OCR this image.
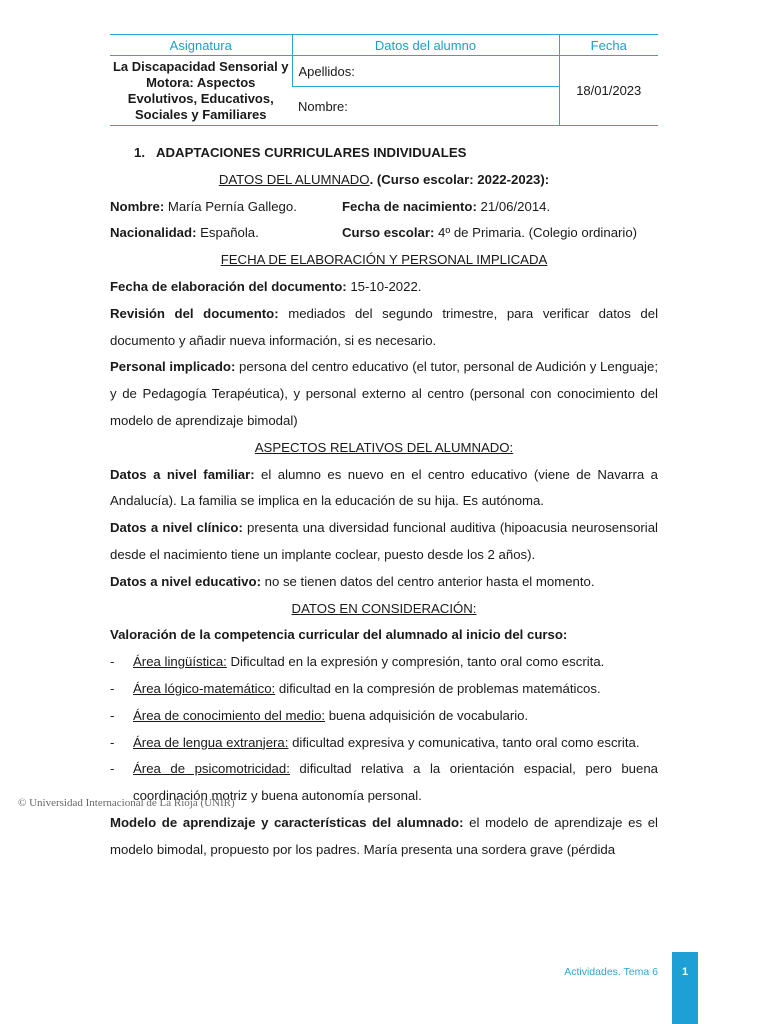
Asignatura	Datos del alumno	Fecha
La Discapacidad Sensorial y Motora: Aspectos Evolutivos, Educativos, Sociales y Familiares	Apellidos:	18/01/2023
	Nombre:	

1. ADAPTACIONES CURRICULARES INDIVIDUALES

DATOS DEL ALUMNADO. (Curso escolar: 2022-2023):

Nombre: María Pernía Gallego.	Fecha de nacimiento: 21/06/2014.

Nacionalidad: Española.	Curso escolar: 4º de Primaria. (Colegio ordinario)

FECHA DE ELABORACIÓN Y PERSONAL IMPLICADA

Fecha de elaboración del documento: 15-10-2022.

Revisión del documento: mediados del segundo trimestre, para verificar datos del documento y añadir nueva información, si es necesario.

Personal implicado: persona del centro educativo (el tutor, personal de Audición y Lenguaje; y de Pedagogía Terapéutica), y personal externo al centro (personal con conocimiento del modelo de aprendizaje bimodal)

ASPECTOS RELATIVOS DEL ALUMNADO:

Datos a nivel familiar: el alumno es nuevo en el centro educativo (viene de Navarra a Andalucía). La familia se implica en la educación de su hija. Es autónoma.

Datos a nivel clínico: presenta una diversidad funcional auditiva (hipoacusia neurosensorial desde el nacimiento tiene un implante coclear, puesto desde los 2 años).

Datos a nivel educativo: no se tienen datos del centro anterior hasta el momento.

DATOS EN CONSIDERACIÓN:

Valoración de la competencia curricular del alumnado al inicio del curso:

-	Área lingüística: Dificultad en la expresión y compresión, tanto oral como escrita.
-	Área lógico-matemático: dificultad en la compresión de problemas matemáticos.
-	Área de conocimiento del medio: buena adquisición de vocabulario.
-	Área de lengua extranjera: dificultad expresiva y comunicativa, tanto oral como escrita.
-	Área de psicomotricidad: dificultad relativa a la orientación espacial, pero buena coordinación motriz y buena autonomía personal.

Modelo de aprendizaje y características del alumnado: el modelo de aprendizaje es el modelo bimodal, propuesto por los padres. María presenta una sordera grave (pérdida

© Universidad Internacional de La Rioja (UNIR)
Actividades. Tema 6	1
